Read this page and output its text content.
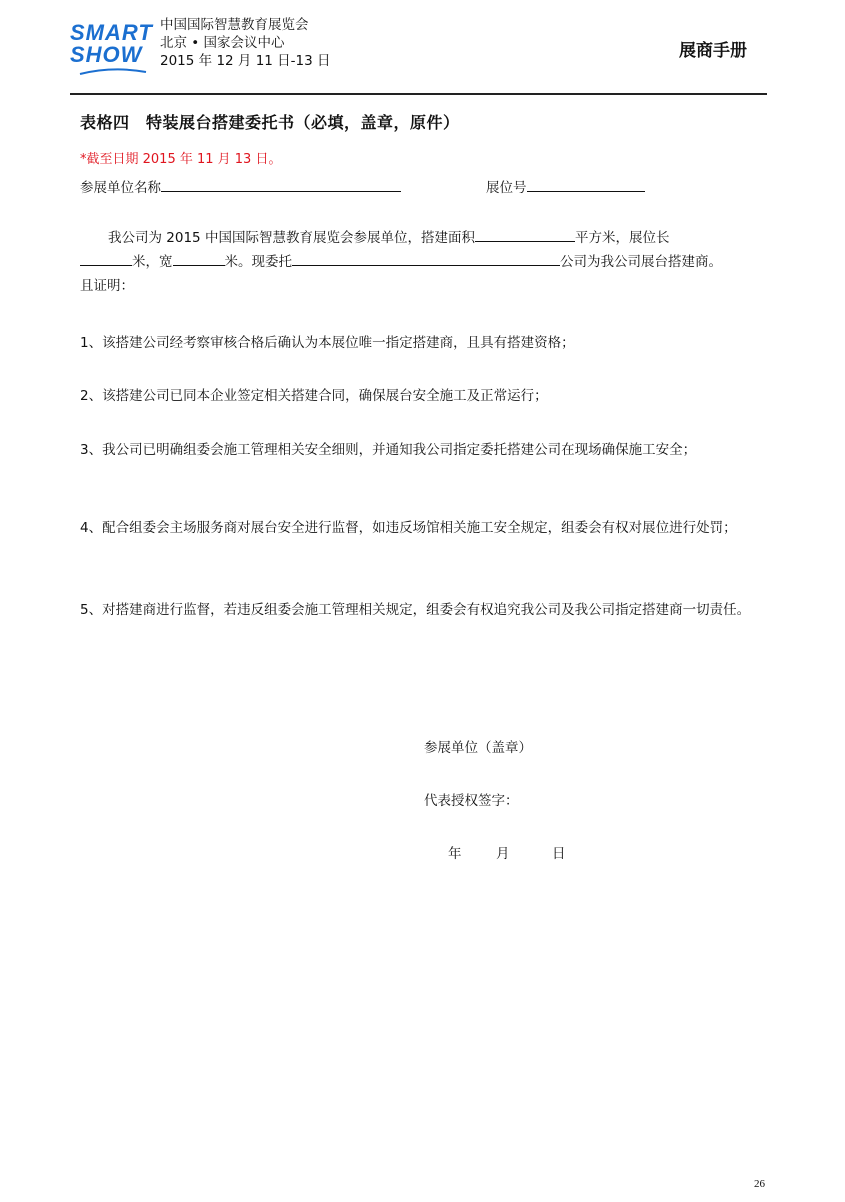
SMART
SHOW
中国国际智慧教育展览会
北京 • 国家会议中心
2015 年 12 月 11 日-13 日	展商手册
表格四　特装展台搭建委托书（必填，盖章，原件）
*截至日期 2015 年 11 月 13 日。
参展单位名称	展位号
我公司为 2015 中国国际智慧教育展览会参展单位，搭建面积	平方米，展位长
米，宽	米。现委托	公司为我公司展台搭建商。
且证明：
1、该搭建公司经考察审核合格后确认为本展位唯一指定搭建商，且具有搭建资格；
2、该搭建公司已同本企业签定相关搭建合同，确保展台安全施工及正常运行；
3、我公司已明确组委会施工管理相关安全细则，并通知我公司指定委托搭建公司在现场确保施工安全；
4、配合组委会主场服务商对展台安全进行监督，如违反场馆相关施工安全规定，组委会有权对展位进行处罚；
5、对搭建商进行监督，若违反组委会施工管理相关规定，组委会有权追究我公司及我公司指定搭建商一切责任。
参展单位（盖章）
代表授权签字：
年	月	日
26
